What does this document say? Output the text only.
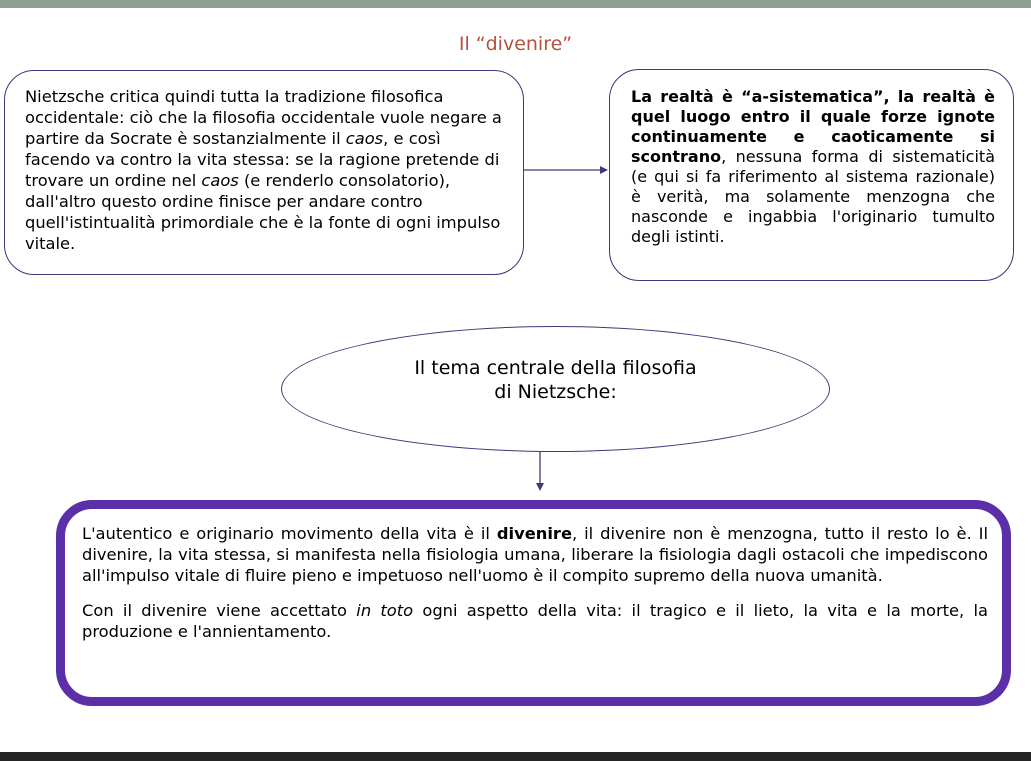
Il “divenire”
Nietzsche critica quindi tutta la tradizione filosofica occidentale: ciò che la filosofia occidentale vuole negare a partire da Socrate è sostanzialmente il caos, e così facendo va contro la vita stessa: se la ragione pretende di trovare un ordine nel caos (e renderlo consolatorio), dall'altro questo ordine finisce per andare contro quell'istintualità primordiale che è la fonte di ogni impulso vitale.
La realtà è “a-sistematica”, la realtà è quel luogo entro il quale forze ignote continuamente e caoticamente si scontrano, nessuna forma di sistematicità (e qui si fa riferimento al sistema razionale) è verità, ma solamente menzogna che nasconde e ingabbia l'originario tumulto degli istinti.
Il tema centrale della filosofia
di Nietzsche:

L'autentico e originario movimento della vita è il divenire, il divenire non è menzogna, tutto il resto lo è. Il divenire, la vita stessa, si manifesta nella fisiologia umana, liberare la fisiologia dagli ostacoli che impediscono all'impulso vitale di fluire pieno e impetuoso nell'uomo è il compito supremo della nuova umanità.

Con il divenire viene accettato in toto ogni aspetto della vita: il tragico e il lieto, la vita e la morte, la produzione e l'annientamento.
